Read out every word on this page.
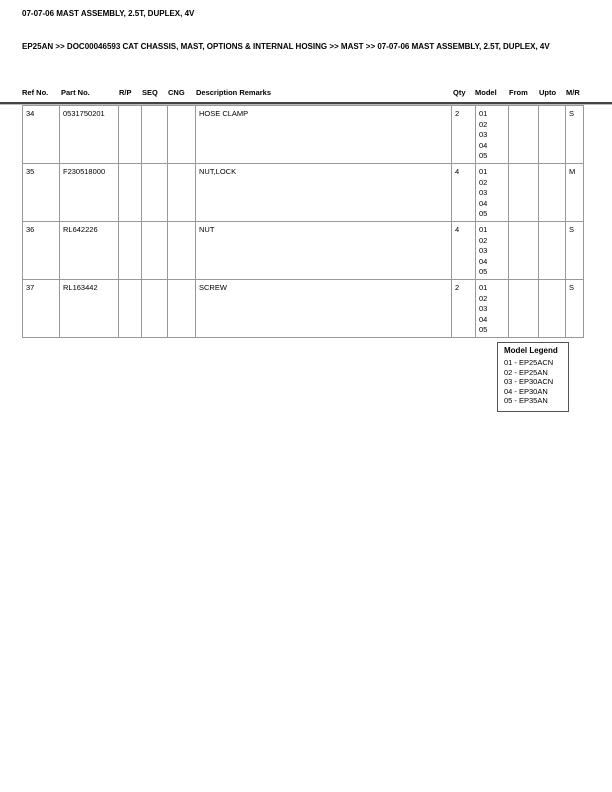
07-07-06 MAST ASSEMBLY, 2.5T, DUPLEX, 4V
EP25AN >> DOC00046593 CAT CHASSIS, MAST, OPTIONS & INTERNAL HOSING >> MAST >> 07-07-06 MAST ASSEMBLY, 2.5T, DUPLEX, 4V
Ref No. Part No.	R/P SEQ CNG Description Remarks	Qty Model From Upto M/R
34	0531750201				HOSE CLAMP	2	01
02
03
04
05			S
35	F230518000				NUT,LOCK	4	01
02
03
04
05			M
36	RL642226				NUT	4	01
02
03
04
05			S
37	RL163442				SCREW	2	01
02
03
04
05			S
Model Legend
01 - EP25ACN
02 - EP25AN
03 - EP30ACN
04 - EP30AN
05 - EP35AN
